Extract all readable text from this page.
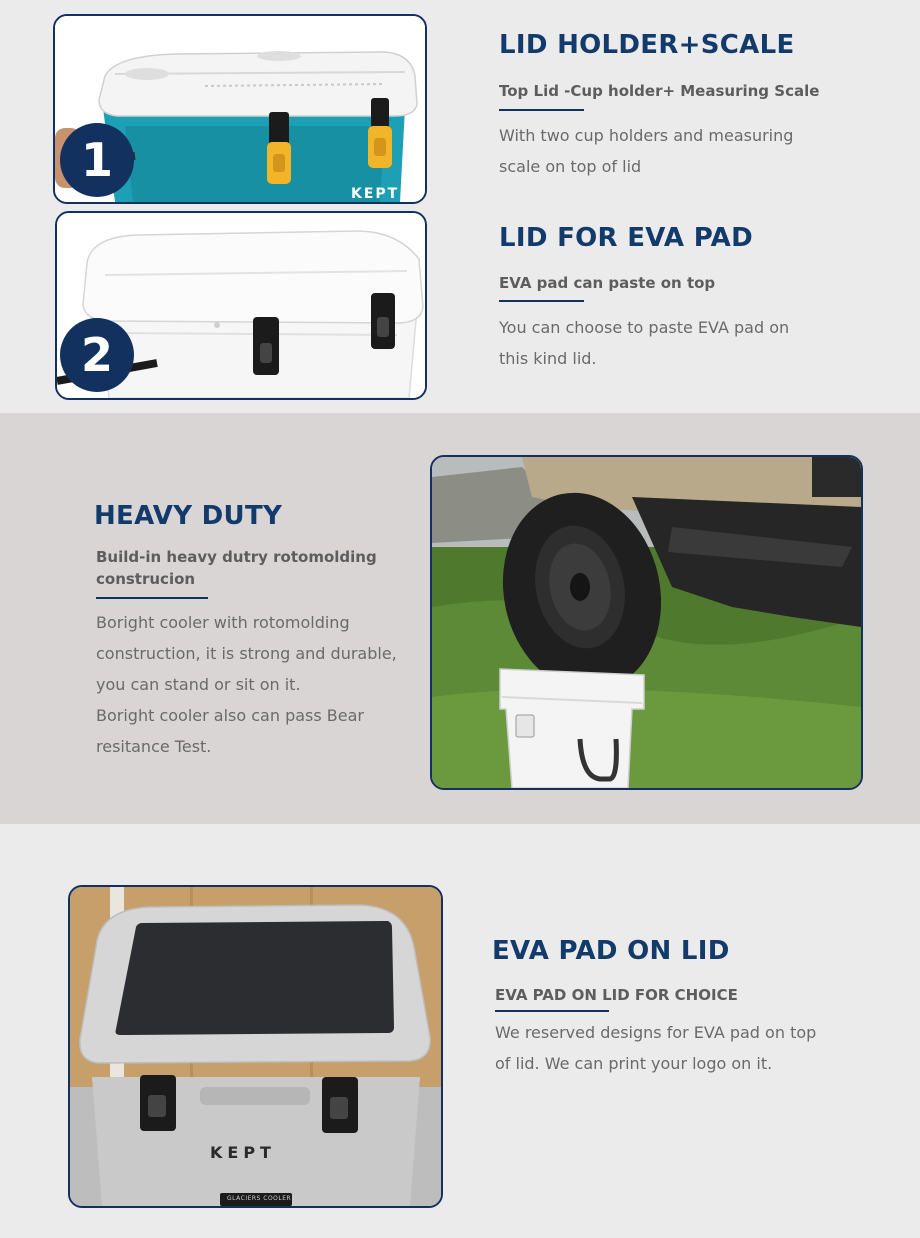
KEPT®
1
LID HOLDER+SCALE
Top Lid -Cup holder+ Measuring Scale
With two cup holders and measuring
scale on top of lid
2
LID FOR EVA PAD
EVA pad can paste on top
You can choose to paste EVA pad on
this kind lid.
HEAVY DUTY
Build-in heavy dutry rotomolding
construcion
Boright cooler with rotomolding
construction, it is strong and durable,
you can stand or sit on it.
Boright cooler also can pass Bear
resitance Test.
KEPT
GLACIERS COOLER
EVA PAD ON LID
EVA PAD ON LID FOR CHOICE
We reserved designs for EVA pad on top
of lid. We can print your logo on it.
